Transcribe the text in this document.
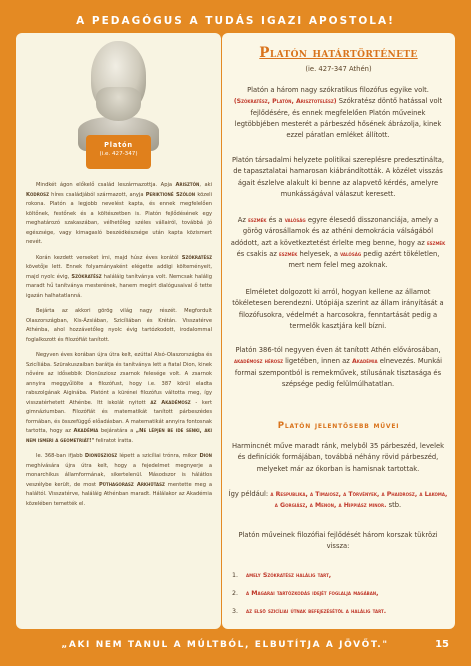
A PEDAGÓGUS A TUDÁS IGAZI APOSTOLA!
Platón
(i.e. 427-347)

Mindkét ágon előkelő család leszármazottja. Apja Arisztón, aki Kodrosz híres családjából származott, anyja Periktioné Szólon közeli rokona. Platón a legjobb nevelést kapta, és ennek megfelelően költőnek, festőnek és a költészetben is. Platón fejlődésének egy meghatározó szakaszában, vélhetőleg széles vállairól, továbbá jó egészsége, vagy kimagasló beszédkészsége után kapta közismert nevét.

Korán kezdett verseket írni, majd húsz éves korától Szókratész követője lett. Ennek folyamányaként elégette addigi költeményeit, majd nyolc évig, Szókratész haláláig tanítványa volt. Nemcsak halálig maradt hű tanítványa mesterének, hanem megírt dialógusaival ő tette igazán halhatatlanná.

Bejárta az akkori görög világ nagy részét. Megfordult Olaszországban, Kis-Ázsiában, Szicíliában és Krétán. Visszatérve Athénba, ahol hozzávetőleg nyolc évig tartózkodott, irodalommal foglalkozott és filozófiát tanított.

Negyven éves korában újra útra kelt, ezúttal Alsó-Olaszországba és Szicíliába. Szürakuszaiban barátja és tanítványa lett a fiatal Dion, kinek nővére az idősebbik Dionüsziosz zsarnok felesége volt. A zsarnok annyira meggyűlölte a filozófust, hogy i.e. 387 körül eladta rabszolgának Aiginába. Platónt a kürénei filozófus váltotta meg, így visszatérhetett Athénbe. Itt iskolát nyitott az Akadémosz - kert gimnáziumban. Filozófiát és matematikát tanított párbeszédes formában, és összefüggő előadásban. A matematikát annyira fontosnak tartotta, hogy az Akadémia bejáratára a „Ne lépjen be ide senki, aki nem ismeri a geometriát!" feliratot íratta.

Ie. 368-ban ifjabb Dionüsziosz lépett a szicíliai trónra, mikor Dion meghívására újra útra kelt, hogy a fejedelmet megnyerje a monarchikus államformának, sikertelenül. Másodszor is hálátlos veszélybe került, de most Püthagorasz Arkhütasz mentette meg a haláltól. Visszatérve, haláláig Athénban maradt. Hálálakor az Akadémia közelében temették el.

Platón határtörténete
(ie. 427-347 Athén)

Platón a három nagy szókratikus filozófus egyike volt. (Szókratész, Platón, Arisztotelész) Szókratész döntő hatással volt fejlődésére, és ennek megfelelően Platón műveinek legtöbbjében mesterét a párbeszéd hősének ábrázolja, kinek ezzel páratlan emléket állított.

Platón társadalmi helyzete politikai szereplésre predesztinálta, de tapasztalatai hamarosan kiábrándították. A közélet visszás ágait észlelve alakult ki benne az alapvető kérdés, amelyre munkásságával válaszut keresett.

Az eszmék és a valóság egyre élesedő disszonanciája, amely a görög városállamok és az athéni demokrácia válságából adódott, azt a következtetést érlelte meg benne, hogy az eszmék és csakis az eszmék helyesek, a valóság pedig azért tökéletlen, mert nem felel meg azoknak.

Elméletet dolgozott ki arról, hogyan kellene az államot tökéletesen berendezni. Utópiája szerint az állam irányítását a filozófusokra, védelmét a harcosokra, fenntartását pedig a termelők kasztjára kell bízni.

Platón 386-tól negyven éven át tanított Athén elővárosában, akadémosz hérosz ligetében, innen az Akadémia elnevezés. Munkái formai szempontból is remekművek, stílusának tisztasága és szépsége pedig felülmúlhatatlan.

Platón jelentősebb művei

Harmincnét műve maradt ránk, melyből 35 párbeszéd, levelek és definíciók formájában, továbbá néhány rövid párbeszéd, melyeket már az ókorban is hamisnak tartottak.

Így például: a Respublika, a Timaiosz, a Törvények, a Phaidrosz, a Lakoma, a Gorgiász, a Menon, a Hippiász minor. stb.

Platón műveinek filozófiai fejlődését három korszak tükrözi vissza:

1. amely Szókratész halálig tart,
2. a Magarai tartózkodás idejét foglalja magában,
3. az első szicíliai útnak befejezésétől a halálig tart.
„AKI NEM TANUL A MÚLTBÓL, ELBUTÍTJA A JÖVŐT."	15
